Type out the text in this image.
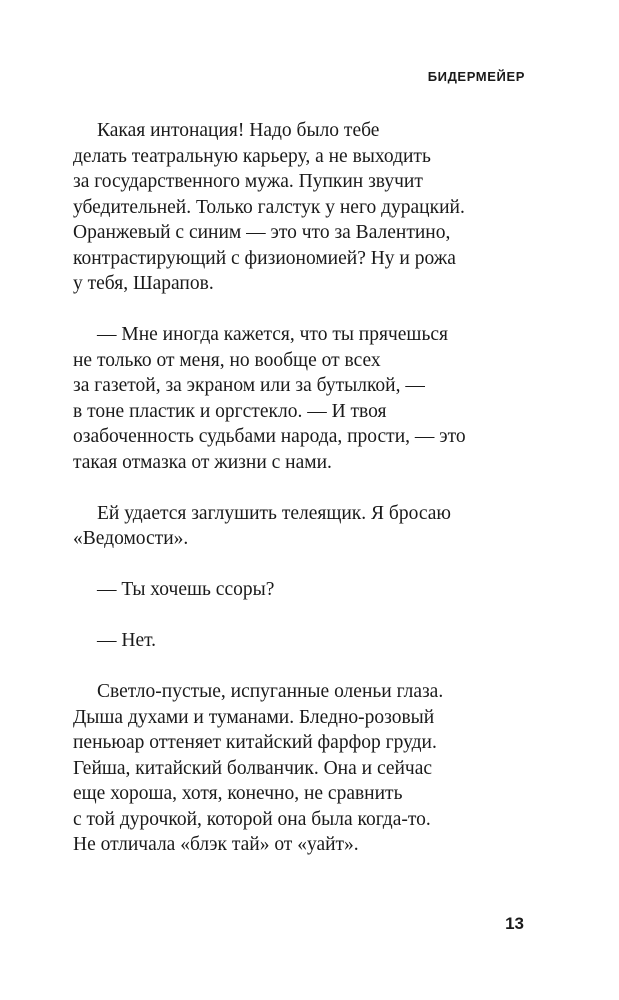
БИДЕРМЕЙЕР
Какая интонация! Надо было тебе
делать театральную карьеру, а не выходить
за государственного мужа. Пупкин звучит
убедительней. Только галстук у него дурацкий.
Оранжевый с синим — это что за Валентино,
контрастирующий с физиономией? Ну и рожа
у тебя, Шарапов.
— Мне иногда кажется, что ты прячешься
не только от меня, но вообще от всех
за газетой, за экраном или за бутылкой, —
в тоне пластик и оргстекло. — И твоя
озабоченность судьбами народа, прости, — это
такая отмазка от жизни с нами.
Ей удается заглушить телеящик. Я бросаю
«Ведомости».
— Ты хочешь ссоры?
— Нет.
Светло-пустые, испуганные оленьи глаза.
Дыша духами и туманами. Бледно-розовый
пеньюар оттеняет китайский фарфор груди.
Гейша, китайский болванчик. Она и сейчас
еще хороша, хотя, конечно, не сравнить
с той дурочкой, которой она была когда-то.
Не отличала «блэк тай» от «уайт».
13
